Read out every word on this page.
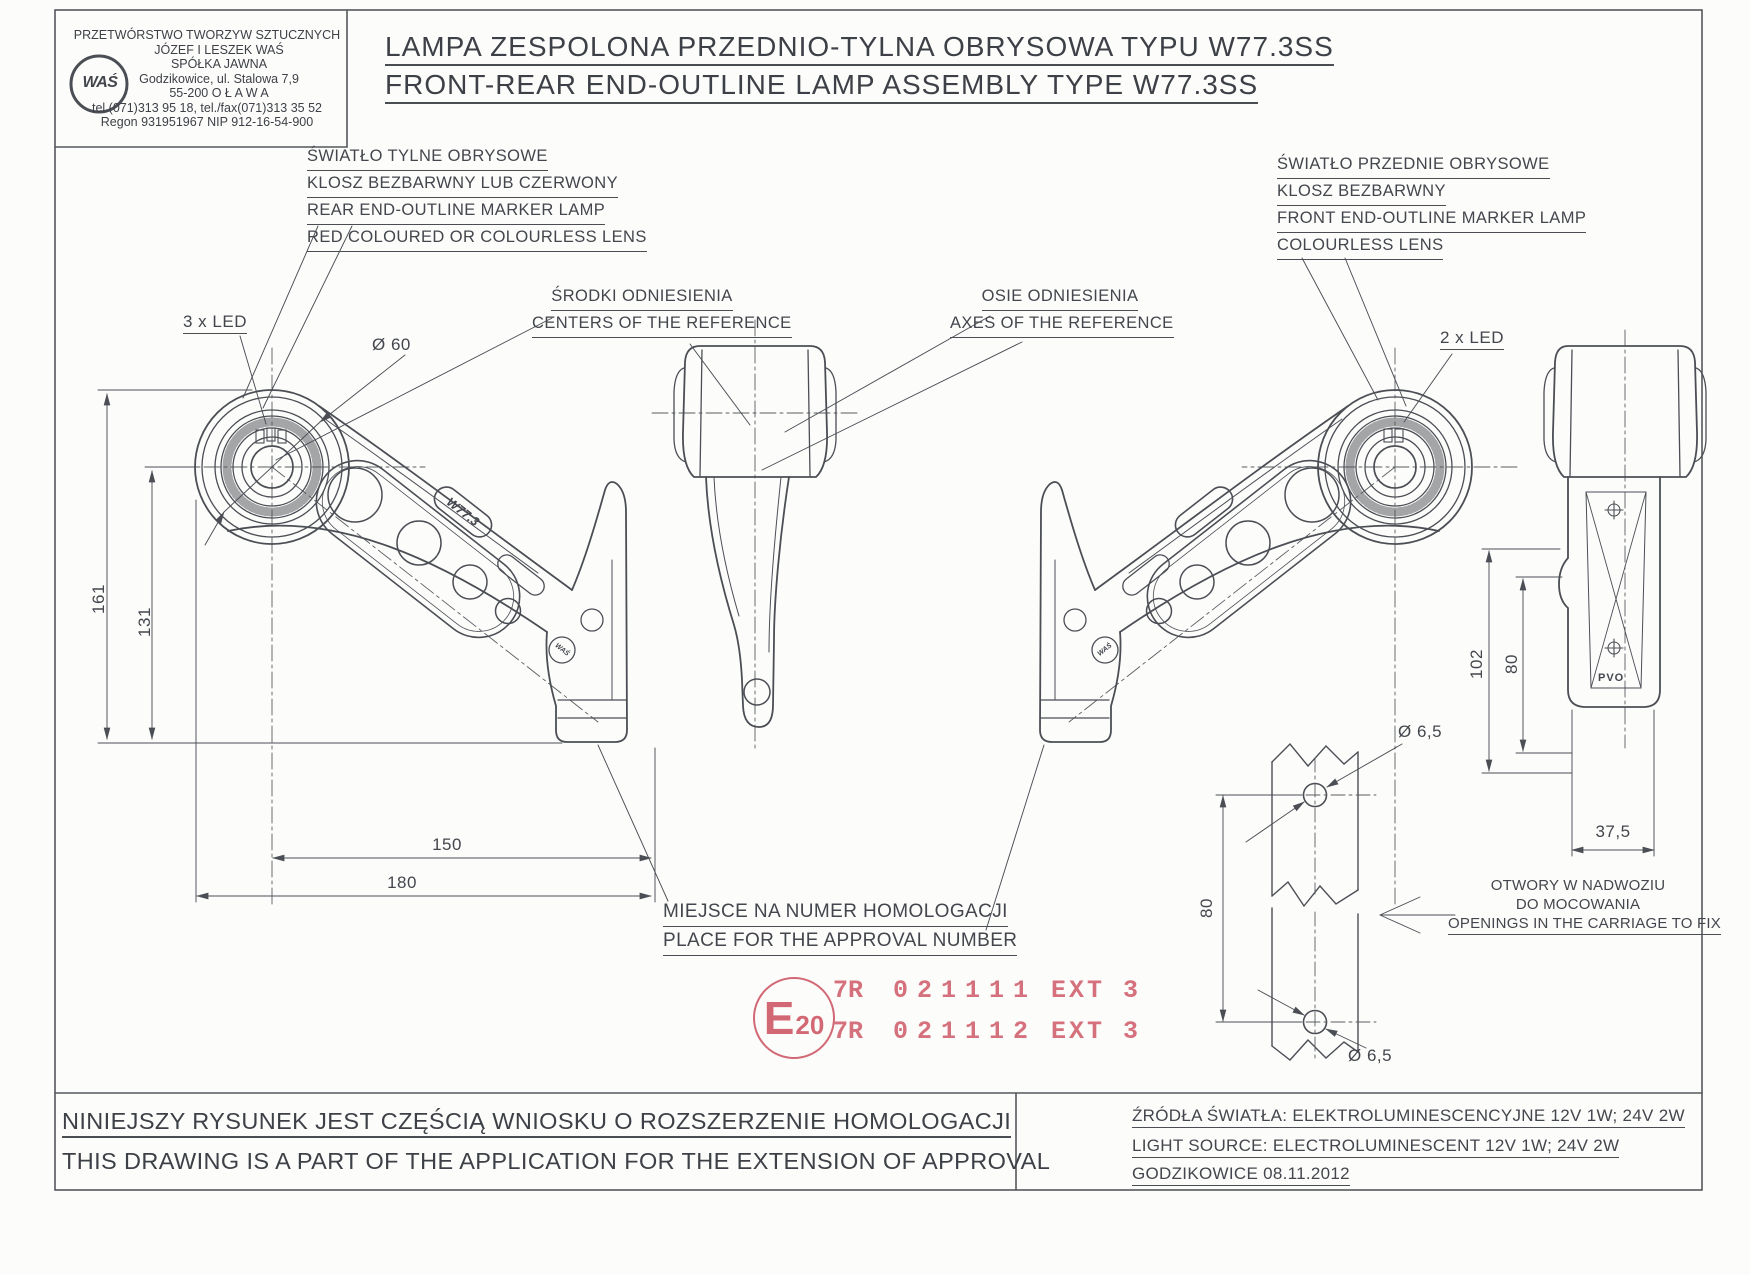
WAŚ
PRZETWÓRSTWO TWORZYW SZTUCZNYCH
JÓZEF I LESZEK WAŚ
SPÓŁKA JAWNA
Godzikowice, ul. Stalowa 7,9
55-200 O Ł A W A
tel.(071)313 95 18, tel./fax(071)313 35 52
Regon 931951967 NIP 912-16-54-900
LAMPA ZESPOLONA PRZEDNIO-TYLNA OBRYSOWA TYPU W77.3SS
FRONT-REAR END-OUTLINE LAMP ASSEMBLY TYPE W77.3SS
ŚWIATŁO TYLNE OBRYSOWE
KLOSZ BEZBARWNY LUB CZERWONY
REAR END-OUTLINE MARKER LAMP
RED COLOURED OR COLOURLESS LENS
ŚWIATŁO PRZEDNIE OBRYSOWE
KLOSZ BEZBARWNY
FRONT END-OUTLINE MARKER LAMP
COLOURLESS LENS
ŚRODKI ODNIESIENIA
CENTERS OF THE REFERENCE
OSIE ODNIESIENIA
AXES OF THE REFERENCE
3 x LED
2 x LED
MIEJSCE NA NUMER HOMOLOGACJI
PLACE FOR THE APPROVAL NUMBER
OTWORY W NADWOZIU
DO MOCOWANIA
OPENINGS IN THE CARRIAGE TO FIX
161
131
150
180
Ø 60
102 80
37,5
80
Ø 6,5
Ø 6,5
W77.3
WAŚ	WAŚ
PVO
E 20
7R 021111 EXT 3
7R 021112 EXT 3
NINIEJSZY RYSUNEK JEST CZĘŚCIĄ WNIOSKU O ROZSZERZENIE HOMOLOGACJI
THIS DRAWING IS A PART OF THE APPLICATION FOR THE EXTENSION OF APPROVAL
ŹRÓDŁA ŚWIATŁA: ELEKTROLUMINESCENCYJNE 12V 1W; 24V 2W
LIGHT SOURCE: ELECTROLUMINESCENT 12V 1W; 24V 2W
GODZIKOWICE 08.11.2012
